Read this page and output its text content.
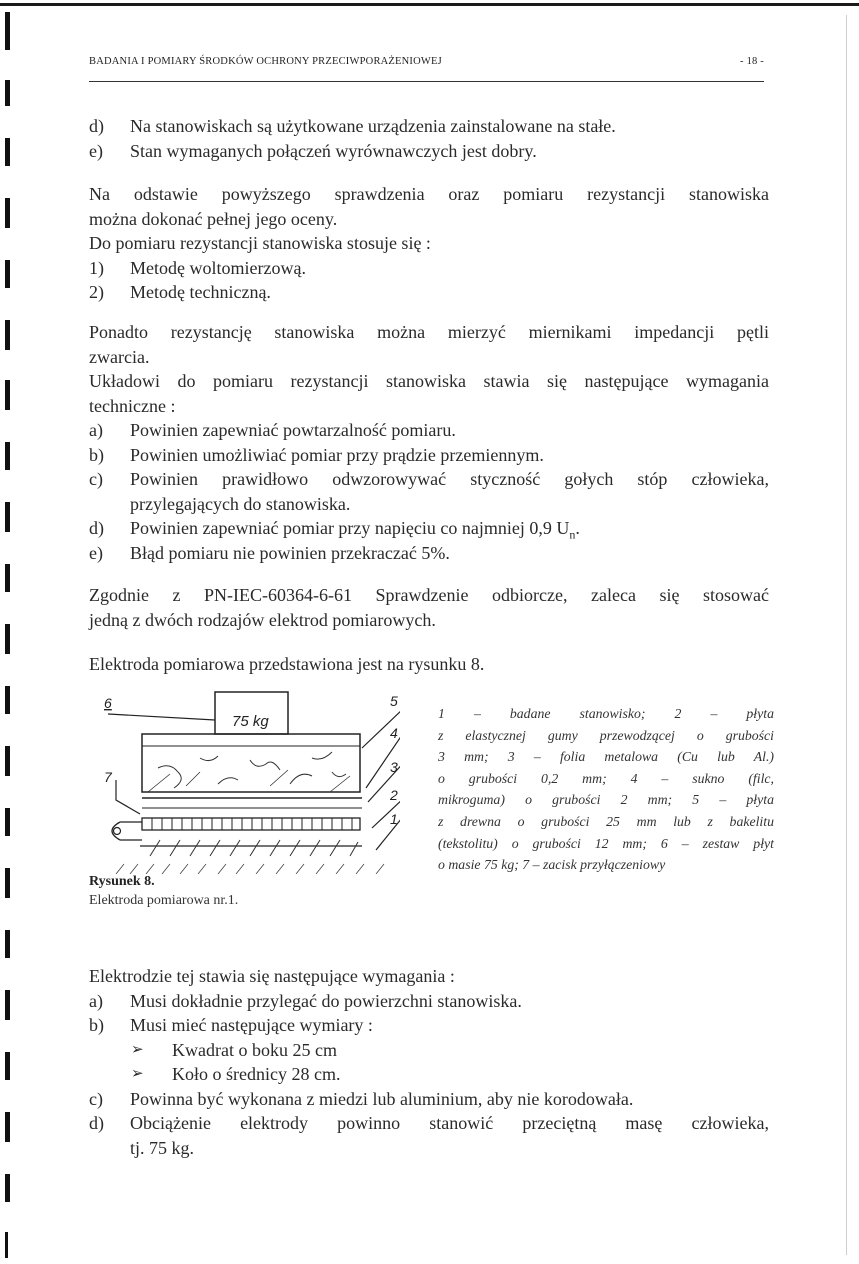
BADANIA I POMIARY ŚRODKÓW OCHRONY PRZECIWPORAŻENIOWEJ	- 18 -
d) Na stanowiskach są użytkowane urządzenia zainstalowane na stałe.
e) Stan wymaganych połączeń wyrównawczych jest dobry.
Na odstawie powyższego sprawdzenia oraz pomiaru rezystancji stanowiska
można dokonać pełnej jego oceny.
Do pomiaru rezystancji stanowiska stosuje się :
1) Metodę woltomierzową.
2) Metodę techniczną.
Ponadto rezystancję stanowiska można mierzyć miernikami impedancji pętli
zwarcia.
Układowi do pomiaru rezystancji stanowiska stawia się następujące wymagania
techniczne :
a) Powinien zapewniać powtarzalność pomiaru.
b) Powinien umożliwiać pomiar przy prądzie przemiennym.
c) Powinien prawidłowo odwzorowywać styczność gołych stóp człowieka,
przylegających do stanowiska.
d) Powinien zapewniać pomiar przy napięciu co najmniej 0,9 $U_n$.
e) Błąd pomiaru nie powinien przekraczać 5%.
Zgodnie z PN-IEC-60364-6-61 Sprawdzenie odbiorcze, zaleca się stosować
jedną z dwóch rodzajów elektrod pomiarowych.
Elektroda pomiarowa przedstawiona jest na rysunku 8.
75 kg
6
7
5
4
3
2
1
1 – badane stanowisko; 2 – płyta
z elastycznej gumy przewodzącej o grubości
3 mm; 3 – folia metalowa (Cu lub Al.)
o grubości 0,2 mm; 4 – sukno (filc,
mikroguma) o grubości 2 mm; 5 – płyta
z drewna o grubości 25 mm lub z bakelitu
(tekstolitu) o grubości 12 mm; 6 – zestaw płyt
o masie 75 kg; 7 – zacisk przyłączeniowy
Rysunek 8.
Elektroda pomiarowa nr.1.
Elektrodzie tej stawia się następujące wymagania :
a) Musi dokładnie przylegać do powierzchni stanowiska.
b) Musi mieć następujące wymiary :
➢ Kwadrat o boku 25 cm
➢ Koło o średnicy 28 cm.
c) Powinna być wykonana z miedzi lub aluminium, aby nie korodowała.
d) Obciążenie elektrody powinno stanowić przeciętną masę człowieka,
tj. 75 kg.
